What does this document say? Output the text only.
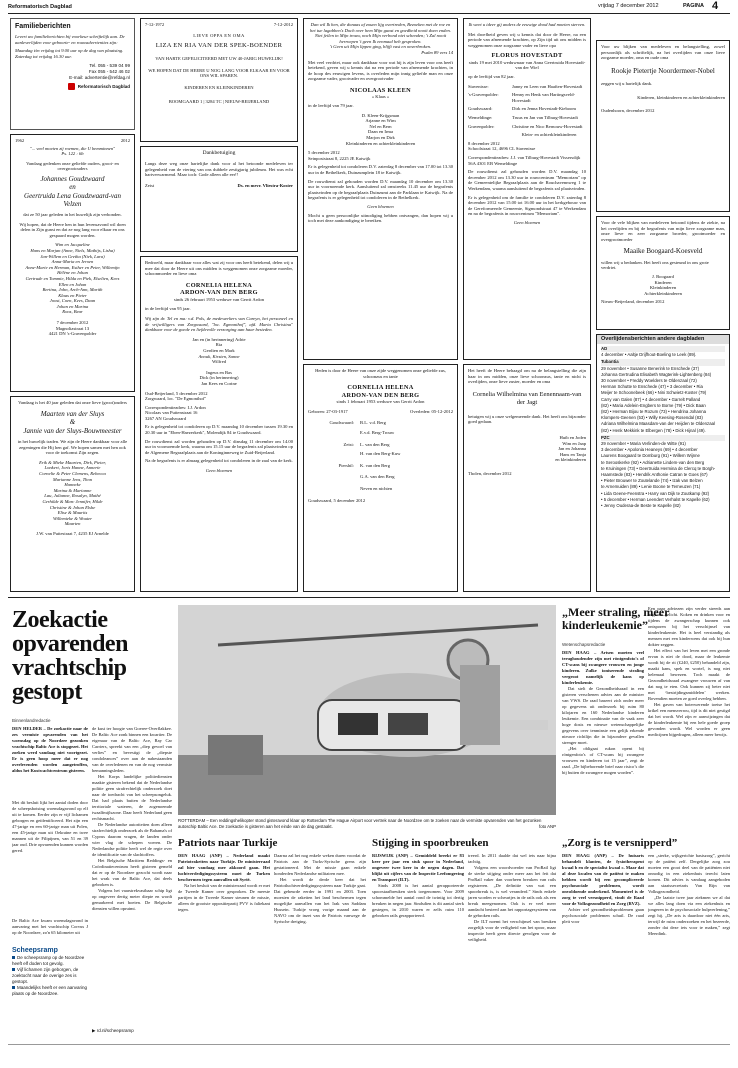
Reformatorisch Dagblad	vrijdag 7 december 2012	PAGINA 4
Familieberichten
Levert uw familieberichten bij voorkeur schriftelijk aan. De aanleverlijden voor geboorte- en rouwadvertenties zijn:
Maandag t/m vrijdag tot 9.00 uur op de dag van plaatsing. Zaterdag tot vrijdag 16.30 uur.
Tel. 055 - 539 04 99
Fax 055 - 542 46 02
E-mail: advertentie@refdag.nl
Reformatorisch Dagblad
1962	2012
"... veel moeten zij roemen, die U bemminnen"
Ps. 122 : 6b
Vandaag gedenken onze geliefde ouders, groot- en overgrootouders
Johannes Goudzwaard
en
Geertruida Lena Goudzwaard-van Velzen
dat ze 50 jaar geleden in het huwelijk zijn verbonden.
Wij hopen, dat de Heere hen in hun levensavond wil doen delen in Zijn gunst en dat ze nog lang voor elkaar en ons gespaard mogen worden.
Wim en Jacqueline
Hans en Marjan (Anne, Niels, Mathijs, Lisha)
Jan-Willem en Gretha (Niek, Lara)
Anna-Maria en Jeroen
Anne-Marie en Herman, Esther en Peter, Willemijn
Hélène en Johan
Gertrude en Tommie, Hilda en Piek, Elselien, Kees
Ellen en Johan
Bertina, John, Arch-Ann, Marith
Klaas en Pieter
Joost, Coen, Kees, Daan
Johan en Marina
Roos, Bear
7 december 2012
Magnoliastraat 13
4421 DN 's-Gravenpolder
Vandaag is het 40 jaar geleden dat onze lieve (groot)ouders
Maarten van der Sluys
&
Jannie van der Sluys-Bouwmeester
in het huwelijk traden. We zijn de Heere dankbaar voor alle zegeningen die Hij hen gaf. We hopen samen met hen ook voor de toekomst Zijn zegen.
Erik & Mieke Maarten, Dirk, Pieter,
Lonkert, Joris Hanne, Annerie
Cornelie & Peter Clemens, Rebecca
Marianne Jens, Thon
Hanneke
Marina & Marianne
Lau, Julianne, Rosalyn, Mathé
Gerhilde & Marc Jennifer, Hilde
Christine & Johan Elshe
Elise & Maurits
Willemieke & Wouter
Maarten
J.W. van Puttestraat 7, 4235 EJ Arnelde
7-12-1972	7-12-2012
LIEVE OPPA EN OMA
LIZA EN RIA VAN DER SPEK-BOENDER
VAN HARTE GEFELICITEERD MET UW 40-JARIG HUWELIJK!
WE HOPEN DAT DE HEERE U NOG LANG VOOR ELKAAR EN VOOR ONS WIL SPAREN.
KINDEREN EN KLEINKINDEREN
BOOMGAARD 1 | 3284 TC | NIEUW-BEIJERLAND
Dankbetuiging
Langs deze weg onze hartelijke dank voor al het betoonde medeleven ter gelegenheid van de viering van ons dubbele zestigjarig jubileum. Het was echt hartverwarmend. Maar toch: Gode alleen alle eer!!
Zeist	Ds. en mevr. Vliestra-Koster
Bedroefd, maar dankbaar voor alles wat zij voor ons heeft betekend, delen wij u mee dat door de Heere uit ons midden is weggenomen onze zorgzame moeder, schoonmoeder en lieve oma
CORNELIA HELENA
ARDON-VAN DEN BERG
sinds 26 februari 1953 weduwe van Gerrit Ardon
in de leeftijd van 95 jaar.
Wij zijn dr. Tel en ma: v.d. Pols, de medewerkers van Careyn, het personeel en de vrijwilligers van Zorgwaard, "loc. Egmonthof", afd. Maria Christina" dankbaar voor de goede en liefdevolle verzorging aan haar besteden.
Jan en (in herinnering) Adrie
Ria
Gerdien en Mark
Anouk, Kirsten, Sanne
Wilfred
Ingeus en Bas
Dick (in herinnering)
Jan Kees en Corine
Oud-Beijerland, 5 december 2012
Zorgwaard, loc. "De Egmonthof"
Correspondentieadres: I.J. Ardon
Nicolaas van Puttenstraat 16
3267 AN Goudswaard
Er is gelegenheid tot condoleren op D.V. maandag 10 december tussen 19.30 en 20.30 uur in "Eben-Haezerkerk", Molendijk 84 te Goudswaard.
De rouwdienst zal worden gehouden op D.V. dinsdag 11 december om 14.00 uur in voornoemde kerk, waarna om 15.15 uur de begrafenis zal plaatsvinden op de Algemene Begraafplaats aan de Koninginneweg te Zuid-Beijerland.
Na de begrafenis is er almaag gelegenheid tot condoleren in de zaal van de kerk.
Geen bloemen
Dan wil Ik hen, die donaas af zouen lijg overtreden, Bezoeken met de roe en het tue lagabben's Doch over hem Mijn gunst en goedheid nooit doen enden. Niet feilen in Mijn trouw, noch Mijn verbond niet schenden; 't Zal nooit herroepen 't geen Ik eenmaal heb gesproken.
't Geen uit Mijn lippen ging, blijft vast en onverbroken.
Psalm 89 vers 14
Met veel verdriet, maar ook dankbaar voor wat hij is zijn leven voor ons heeft betekend, geven wij u kennis dat na een periode van afnemende krachten, in de hoop des eeuwigen levens, is overleden mijn innig geliefde man en onze zorgzame vader, grootvader en overgrootvader
NICOLAAS KLEEN
« Klaas »
in de leeftijd van 79 jaar.
D. Kleen-Krijgsman
Arjanne en Wim
Nel en Bern
Daan en Irma
Marjon en Dirk
Kleinkinderen en achterkleinkinderen
5 december 2012
Seinpoststraat 8, 2225 JE Katwijk
Er is gelegenheid tot condoleren D.V. zaterdag 8 december van 17.00 tot 13.30 uur in de Bethelkerk, Duinzumplein 18 te Katwijk.
De rouwdienst zal gehouden worden D.V. maandag 10 december om 13.30 uur in voornoemde kerk. Aansluitend zal omstreeks 11.45 uur de begrafenis plaatsvinden op de begraafplaats Duinzumt aan de Parklaan te Katwijk. Na de begrafenis is er gelegenheid tot condoleren in de Bethelkerk.
Geen bloemen
Mocht u geen persoonlijke uitnodiging hebben ontvangen, dan hopen wij u toch met deze aankondiging te bereiken.
Heden is door de Heere van onze zijde weggenomen onze geliefde zus, schoonzus en tante
CORNELIA HELENA
ARDON-VAN DEN BERG
sinds 1 februari 1953 weduwe van Gerrit Ardon
Geboren: 27-03-1917	Overleden: 05-12-2012
Goudswaard:	B.L. v.d. Berg
E.v.d. Berg-Trouw
Zeist:	L. van den Berg
H. van den Berg-Kuw
Piershil:	K. van den Berg
G.A. van den Berg
Neven en nichten
Goudswaard, 5 december 2012
Ik weet u ideer gij anders de eeuwige dood had moeten sterven.
Met droefheid geven wij u kennis dat door de Heere, na een periode van afnemende krachten, op Zijn tijd uit ons midden is weggenomen onze zorgzame vader en lieve opa
FLORUS HOVESTADT
sinds 19 mei 2010 weduwnaar van Anna Geertruida Hovestadt-van der Wiel
op de leeftijd van 82 jaar.
Stavenisse:	Janny en Leen van Haaften-Hovestadt
's-Gravenpolder:	Henny en Henk van Hartingsveld-Hovestadt
Goudswaard:	Dirk en Jenna Hovestadt-Kieboom
Wemeldinge:	Truus en Jan van Tilburg-Hovestadt
Gravenpolder:	Christine en Nico Bernouw-Hovestadt
Klein- en achterkleinkinderen
8 december 2012
Schoolstraat 12, 4696 CL Stavenisse
Correspondentieadres: J.J. van Tilburg-Hovestadt Vissersdijk 56A 4301 EB Wemeldinge
De rouwdienst zal gehouden worden D.V. maandag 10 december 2012 om 13.30 uur in rouwcentrum "Memoriam" op de Gemeentelijke Begraafplaats aan de Rouchavennweg 1 te Werkendam, waarna aansluitend de begrafenis zal plaatsvinden.
Er is gelegenheid om de familie te condoleren D.V. zaterdag 8 december 2012 van 15.00 tot 16.00 uur in het kerkgebouw van de Gereformeerde Gemeente, Sigmondstraat 47 te Werkendam en na de begrafenis in rouwcentrum "Memoriam".
Geen bloemen
Het heeft de Heere behaagd om na de belangstelling die zijn haar in ons midden, onze lieve schoonzus, tante en nicht is overlijden, onze lieve zuster, moeder en oma
Cornelia Wilhelmina van Eenennaam-van der Jagt
betuigen wij u onze welgemeende dank. Het heeft ons bijzonder goed gedaan.
Huib en Joden
Wim en Jaap
Jan en Johanna
Hans en Tanja
en kleinkinderen
Tholen, december 2012
Voor uw blijken van medeleven en belangstelling, zowel persoonlijk als schriftelijk, na het overlijden van onze lieve zorgzame moeder, oma en oude oma
Rookje Pietertje Noordermeer-Nobel
zeggen wij u hartelijk dank.
Kinderen, kleinkinderen en achterkleinkinderen
Oudenhoorn, december 2012
Voor de vele blijken van medeleven betoond tijdens de ziekte, na het overlijden en bij de begrafenis van mijn lieve zorgzame man, onze lieve en zeer zorgzame broeder, grootmoeder en overgrootmoeder
Maaike Boogaard-Koesveld
willen wij u bedanken. Het heeft ons gesteund in ons grote verdriet.
J. Boogaard
Kinderen
Kleinkinderen
Achterkleinkinderen
Nieuw-Beijerland, december 2012
Overlijdensberichten andere dagbladen
AD
4 december • Aaltje Drijfhout-Boeling te Leek (89).
Tubantia
29 november • Susanne Benerink te Enschede (37)
Johanna Gertrudina Elisabeth Wagterink-Lightenberg (84)
30 november • Freddy Woelders te Oldenzaal (72)
Herman Schutte te Enschede (47) • 3 december • Ria
Meijer te Schoonebeek (66) • Nini Schwietz-Koster (79)
Carry van Galen (87) • 4 december • Garrelt Palland
(82) • Maria Adelein-Engbers te Borne (79) • Dick Baan
(82) • Herman Bijou te Rozum (73) • Hendrina Johanna
Klompers-Geenen (53) • Willy Keesing-Rosendal (83)
Adriana Wilhelmina Maasdam-van der Heijden te Oldenzaal
(82) • Henk Mekkink te Elbergen (78) • Dick Hijnal (49).
PZC
29 november • Maria Verlinden-de Witte (91)
3 december • Apolonia Heaneys (69) • 4 december
Laurens Boogaard te Domburg (91) • Willem Wijnne
te Serooskerke (92) • Adrianette Lindem-van den Berg
te Kruiningen (73) • Geertruida Hermina de Clercq te Borgh-
Haamstede (83) • Hendrik Anthonie Catran te Goes (67)
• Pieter Brouwer te Zoutelande (74) • Izak van Belzen
te Arnemuiden (89) • Lenie Boone te Terneuzen (71)
• Lida Geene-Feenstra • Harry van Dijk te Zoutkamp (92)
• 5 december • Herman Leendert Verhalst te Kapelle (62)
• Jenny Ouderaa-de Beste te Kapelle (82)
Zoekactie opvarenden vrachtschip gestopt
Binnenlandredactie
DEN HELDER – De zoekactie naar de zes vermiste opvarenden van het woensdag op de Noordzee gezonken vrachtschip Baltic Ace is stopgezet. Het zoeken werd vandaag niet voortgezet. Er is geen hoop meer dat er nog overlevenden worden aangetroffen, aldus het Kustwachtcentrum gisteren.
Met dit besluit lijkt het aantal doden door de scheepsbotsing woensdagavond op elf uit te komen. Eerder zijn er vijf lichamen geborgen en geïdentificeerd. Het zijn een 47-jarige en een 60-jarige man uit Polen, een 45-jarige man uit Oekraïne en twee mannen uit de Filipijnen, van 51 en 39 jaar oud. Drie opvarenden kunnen worden gered.
De Baltic Ace kwam woensdagavond in aanvaring met het vrachtschip Corvus J op de Noordzee, zo'n 65 kilometer uit
Scheepsramp
De scheepsramp op de Noordzee heeft elf doden tot gevolg.
Vijf lichamen zijn geborgen, de zoektocht naar de overige zes is gestopt.
Maandelijks heeft er een aanvaring plaats op de Noordzee.
de kust ter hoogte van Goeree-Overflakkee. De Baltic Ace zonk binnen een kwartier. De eigenaar van de Baltic Ace, Ray Car Carriers, spreekt van een „diep gevoel van verlies” en bevestigt de „diepste condoleances” over aan de nabestaanden van de overledenen en van de nog vermiste bemanningsleden.
Het Korps landelijke politiediensten maakte gisteren bekend dat de Nederlandse politie geen strafrechtelijk onderzoek doet naar de toedracht van het scheepsongeluk. Dat had plaats buiten de Nederlandse territoriale wateren, de zogenoemde twaalfmijlszone. Daar heeft Nederland geen rechtsmacht.
De Nederlandse autoriteiten doen alleen strafrechtelijk onderzoek als de Bahama's of Cyprus daarom vragen, de landen onder wier vlag de schepen voeren. De Nederlandse politie heeft wel de regie over de identificatie van de slachtoffers.
Het Belgische Maritiem Reddings- en Coördinatiecentrum heeft gisteren gemeld dat er op de Noordzee gezocht wordt naar het wrak van de Baltic Ace, dat deels gebroken is.
Volgens het vaarstrekvastbaar schip ligt op ongeveer dertig meter diepte en wordt gemarkeerd met boeien. De Belgische diensten willen opruimt.
▶ rd.nl/scheepsramp
ROTTERDAM – Een reddingshelikopter stond gisteravond klaar op Rotterdam The Hague Airport voor vertrek naar de Noordzee om te zoeken naar de vermiste opvarenden van het gezonken autoschip Baltic Ace. De zoekactie is gisteren aan het einde van de dag gestaakt.	foto ANP
Patriots naar Turkije
DEN HAAG (ANP) – Nederland maakt Patriotraketten naar Turkije. De ministerraad zal hier vandaag mee akkoord gaan. Het luchtverdedigingssysteem moet de Turken beschermen tegen aanvallen uit Syrië.
Na het besluit van de ministerraad wordt er met de Tweede Kamer over gesproken. De meeste partijen in de Tweede Kamer steunen de missie, alleen de grootste oppositiepartij PVV is faliekant tegen.
Daarna zal het nog enkele weken duren voordat de Patriots aan de Turks-Syrische grens zijn gestationeerd. Met de missie gaan enkele honderden Nederlandse militairen mee.
Het wordt de derde keer dat het Patriotluchtverdedigingssysteem naar Turkije gaat. Dat gebeurde eerder in 1991 en 2003. Toen moesten de raketten het land beschermen tegen mogelijke aanvallen van het Irak van Saddam Hussein. Turkije vroeg vorige maand aan de NAVO om de inzet van de Patriots vanwege de Syrische dreiging.
Stijging in spoorbreuken
RIJSWIJK (ANP) – Gemiddeld breekt er 83 keer per jaar een stuk spoor in Nederland, ongeveer twee keer in de negen dagen. Dat blijkt uit cijfers van de Inspectie Leefomgeving en Transport (ILT).
Sinds 2008 is het aantal gerapporteerde spoorstaafbreuken sterk toegenomen. Voor 2009 schommelde het aantal rond de twintig tot dertig breuken in negen jaar. Sindsdien is dit aantal sterk gestegen, in 2010 waren er zelfs ruim 110 gebroken rails gerapporteerd.
treerd. In 2011 daalde dat wel iets naar bijna tachtig.
Volgens een woordvoerder van ProRail ligt de sterke stijging onder meer aan het feit dat ProRail vaker dan voorheen breuken van rails registreren. „De definitie van wat een spoorbreuk is, is wel veranderd.” Sinds enkele jaren worden er scheurtjes in de rails ook als een breuk meegenomen. Ook is er veel meer aandacht besteed aan het rapportagesysteem van de gebroken rails.
De ILT noemt het verschijnsel van breuken zorgelijk voor de veiligheid van het spoor, maar inspectie heeft geen directe gevolgen voor de veiligheid.
„Meer straling, meer kinderleukemie”
Wetenschapsredactie
DEN HAAG – Artsen moeten veel terughoudender zijn met röntgenfoto's of CT-scans bij zwangere vrouwen en jonge kinderen. Zulke ioniserende straling vergroot namelijk de kans op kinderleukemie.
Dat stelt de Gezondheidsraad in een gisteren verschenen advies aan de minister van VWS. De raad baseert zich onder meer op gegevens uit onderzoek bij ruim 80 kilojaren en 160 Nederlandse kinderen leukemie. Een combinatie van de vaak zeer hoge dosis en nieuwe wetenschappelijke gegevens over tenminste een gelijk erkende nieuwe richtlijn die in bijzondere gevallen strenger moet.
„Het obligaat rukon opent bij röntgenfoto's of CT-scans bij zwangere vrouwen en kinderen tot 15 jaar”, zegt de raad. „De bijbehorende brief naar risico’s die bij buiten de zwangere mogen worden”.
Een paar adviezen zijn verder streeds aan beganen gelicht. Koken en drinken voor en tijdens de zwangerschap kunnen ook ontsporen bij het verschijnsel van kinderleukemie. Het is heel verstandig als mensen met een kinderwens dat ook bij hun dokter zeggen.
Het effect van het leven met een gronde ervan is niet de dood, maar de leukemie wordt bij de rit (£240, £250) behandeld zijn, maakt kans, spek en wortel, is nog niet helemaal bewezen. Toch maakt de Gezondheidsraad zwangere vrouwen af van dat nog te eten. Ook kunnen zij beter niet met ‘bestrijdingsmiddelen’ werken. Bovendien moeten ze goed overleg hebben.
Het gaven van boterwerende toetse het krikel een mensverrou, tijd is dit niet gestigd dat het wordt. Wel zijn er aanwijzingen dat de kinderleukemie bij een hele goede groep gevonden wordt. Wel worden er geen medicijnen bijgedragen, alleen meer bewijs.
„Zorg is te versnipperd”
DEN HAAG (ANP) – De huisarts behandelt klanten, de fysiotherapeut kwaal b en de specialist kwaal c. Maar dat al deze kwalen van de patiënt te maken hebben wordt bij een gecompliceerde psychosociale problemen, wordt onvoldoende onderkend. Momenteel is de zorg te veel versnipperd, vindt de Raad voor de Volksgezondheid en Zorg (RVZ).
Achter wel gezondheidsproblemen gaan psychosociale problemen schuil. De raad pleit voor
een „sterke, wijkgerichte basiszorg”, gericht op de patiënt zelf. Dergelijke zorg zou moeten een groot deel van de patiënten niet onnodig in een ziekenhuis terecht laten komen. Dit advies is vandaag aangeboden aan staatssecretaris Van Rijn van Volksgezondheid.
„De laatste twee jaar ziekmen we al dat we alles lang doen via een ziekenhuis en jongeren in de psychosociale hulpverlening,” zegt hij. „De arts is daardoor niet één arts, terwijl de ruim onderzoeken en het bezeerde, zonder dat deze iets voor te maken,” zegt Meerdink.
